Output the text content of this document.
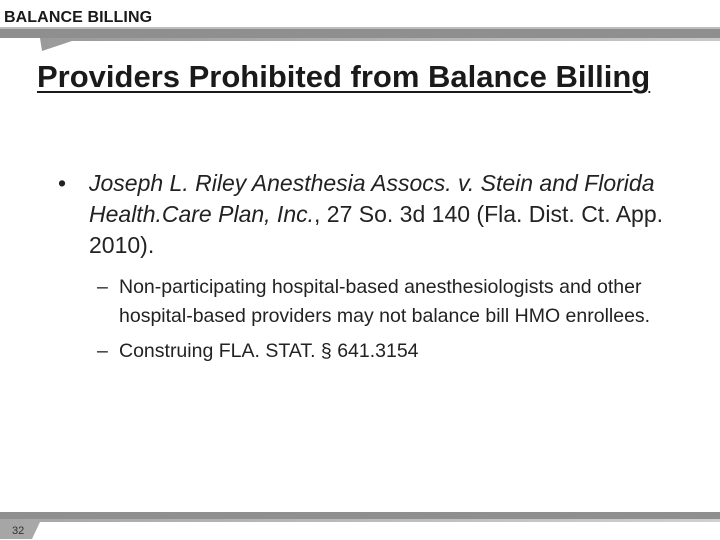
BALANCE BILLING
Providers Prohibited from Balance Billing
• Joseph L. Riley Anesthesia Assocs. v. Stein and Florida Health.Care Plan, Inc., 27 So. 3d 140 (Fla. Dist. Ct. App. 2010).
– Non-participating hospital-based anesthesiologists and other hospital-based providers may not balance bill HMO enrollees.
– Construing FLA. STAT. § 641.3154
32
